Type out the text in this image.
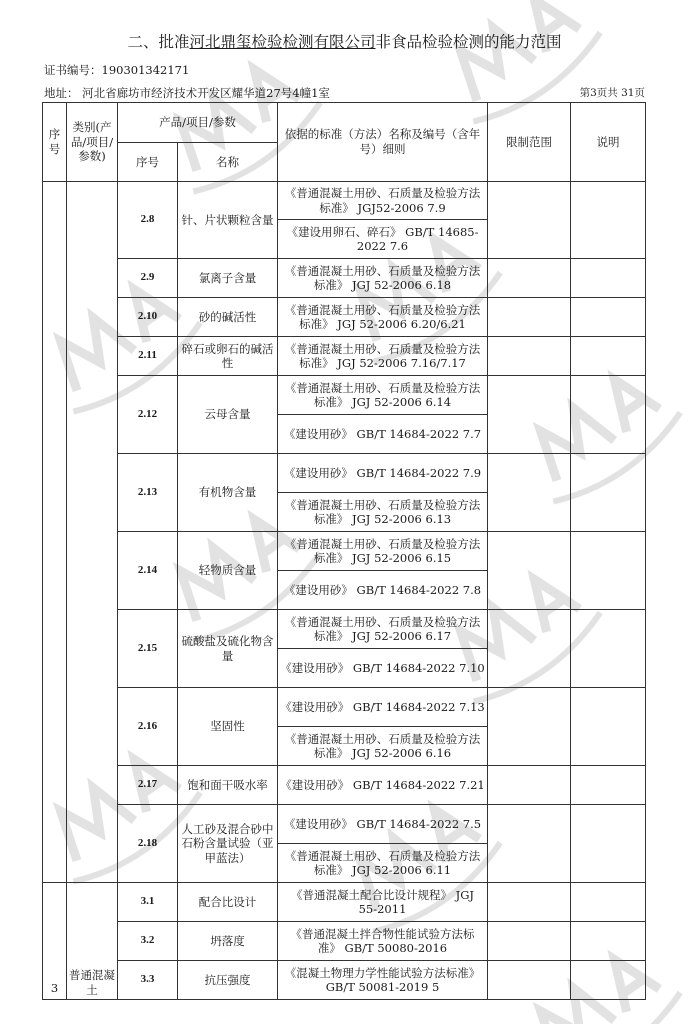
二、批准河北鼎玺检验检测有限公司非食品检验检测的能力范围
证书编号：190301342171
地址： 河北省廊坊市经济技术开发区耀华道27号4幢1室	第3页共 31页
序号	类别(产品/项目/参数)	产品/项目/参数		依据的标准（方法）名称及编号（含年号）细则	限制范围	说明
		序号	名称			
		2.8	针、片状颗粒含量	《普通混凝土用砂、石质量及检验方法标准》 JGJ52-2006 7.9		
				《建设用卵石、碎石》 GB/T 14685-2022 7.6		
		2.9	氯离子含量	《普通混凝土用砂、石质量及检验方法标准》 JGJ 52-2006 6.18		
		2.10	砂的碱活性	《普通混凝土用砂、石质量及检验方法标准》 JGJ 52-2006 6.20/6.21		
		2.11	碎石或卵石的碱活性	《普通混凝土用砂、石质量及检验方法标准》 JGJ 52-2006 7.16/7.17		
		2.12	云母含量	《普通混凝土用砂、石质量及检验方法标准》 JGJ 52-2006 6.14		
				《建设用砂》 GB/T 14684-2022 7.7		
		2.13	有机物含量	《建设用砂》 GB/T 14684-2022 7.9		
				《普通混凝土用砂、石质量及检验方法标准》 JGJ 52-2006 6.13		
		2.14	轻物质含量	《普通混凝土用砂、石质量及检验方法标准》 JGJ 52-2006 6.15		
				《建设用砂》 GB/T 14684-2022 7.8		
		2.15	硫酸盐及硫化物含量	《普通混凝土用砂、石质量及检验方法标准》 JGJ 52-2006 6.17		
				《建设用砂》 GB/T 14684-2022 7.10		
		2.16	坚固性	《建设用砂》 GB/T 14684-2022 7.13		
				《普通混凝土用砂、石质量及检验方法标准》 JGJ 52-2006 6.16		
		2.17	饱和面干吸水率	《建设用砂》 GB/T 14684-2022 7.21		
		2.18	人工砂及混合砂中石粉含量试验（亚甲蓝法）	《建设用砂》 GB/T 14684-2022 7.5		
				《普通混凝土用砂、石质量及检验方法标准》 JGJ 52-2006 6.11		
3	普通混凝土	3.1	配合比设计	《普通混凝土配合比设计规程》 JGJ 55-2011		
		3.2	坍落度	《普通混凝土拌合物性能试验方法标准》 GB/T 50080-2016		
		3.3	抗压强度	《混凝土物理力学性能试验方法标准》 GB/T 50081-2019 5		
